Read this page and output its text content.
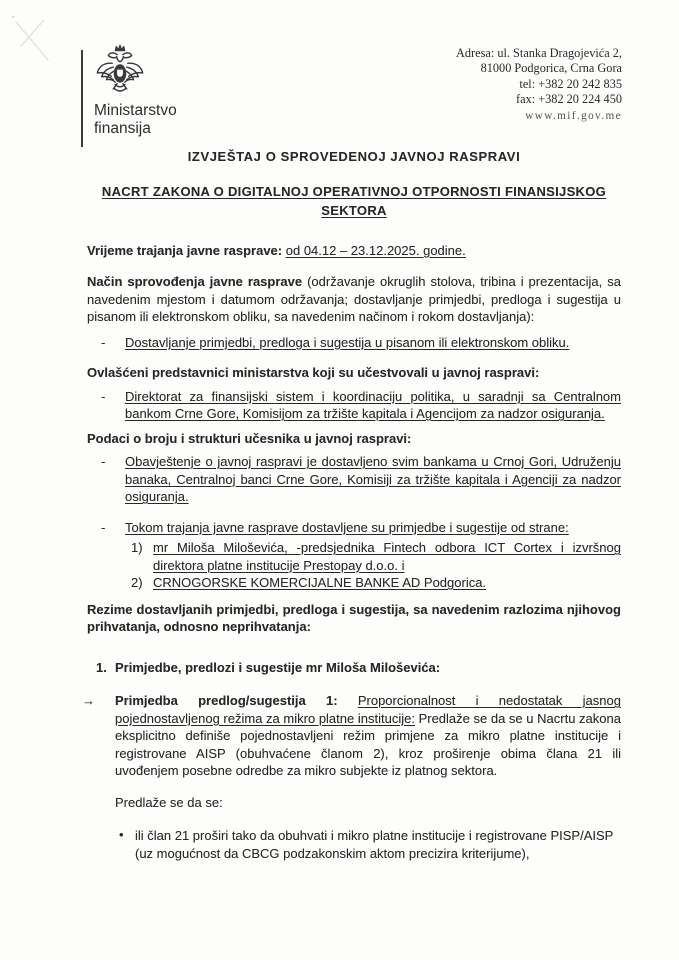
Ministarstvo
finansija
Adresa: ul. Stanka Dragojevića 2,
81000 Podgorica, Crna Gora
tel: +382 20 242 835
fax: +382 20 224 450
www.mif.gov.me
IZVJEŠTAJ O SPROVEDENOJ JAVNOJ RASPRAVI
NACRT ZAKONA O DIGITALNOJ OPERATIVNOJ OTPORNOSTI FINANSIJSKOG SEKTORA
Vrijeme trajanja javne rasprave: od 04.12 – 23.12.2025. godine.
Način sprovođenja javne rasprave (održavanje okruglih stolova, tribina i prezentacija, sa navedenim mjestom i datumom održavanja; dostavljanje primjedbi, predloga i sugestija u pisanom ili elektronskom obliku, sa navedenim načinom i rokom dostavljanja):
- Dostavljanje primjedbi, predloga i sugestija u pisanom ili elektronskom obliku.
Ovlašćeni predstavnici ministarstva koji su učestvovali u javnoj raspravi:
- Direktorat za finansijski sistem i koordinaciju politika, u saradnji sa Centralnom bankom Crne Gore, Komisijom za tržište kapitala i Agencijom za nadzor osiguranja.
Podaci o broju i strukturi učesnika u javnoj raspravi:
- Obavještenje o javnoj raspravi je dostavljeno svim bankama u Crnoj Gori, Udruženju banaka, Centralnoj banci Crne Gore, Komisiji za tržište kapitala i Agenciji za nadzor osiguranja.
- Tokom trajanja javne rasprave dostavljene su primjedbe i sugestije od strane:
1) mr Miloša Miloševića, -predsjednika Fintech odbora ICT Cortex i izvršnog direktora platne institucije Prestopay d.o.o. i
2) CRNOGORSKE KOMERCIJALNE BANKE AD Podgorica.
Rezime dostavljanih primjedbi, predloga i sugestija, sa navedenim razlozima njihovog prihvatanja, odnosno neprihvatanja:
1. Primjedbe, predlozi i sugestije mr Miloša Miloševića:
→ Primjedba predlog/sugestija 1: Proporcionalnost i nedostatak jasnog pojednostavljenog režima za mikro platne institucije: Predlaže se da se u Nacrtu zakona eksplicitno definiše pojednostavljeni režim primjene za mikro platne institucije i registrovane AISP (obuhvaćene članom 2), kroz proširenje obima člana 21 ili uvođenjem posebne odredbe za mikro subjekte iz platnog sektora.
Predlaže se da se:
• ili član 21 proširi tako da obuhvati i mikro platne institucije i registrovane PISP/AISP (uz mogućnost da CBCG podzakonskim aktom precizira kriterijume),
